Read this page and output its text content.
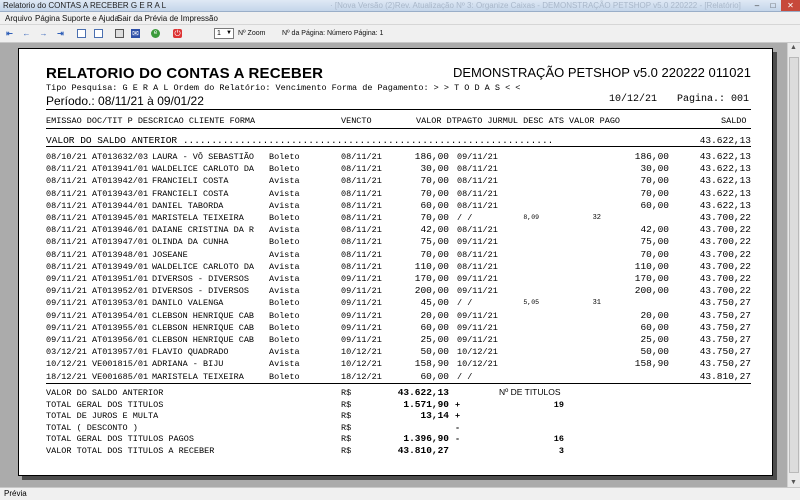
Relatorio do CONTAS A RECEBER G E R A L	· [Nova Versão (2)Rev. Atualização Nº 3: Organize Caixas - DEMONSTRAÇÃO PETSHOP v5.0 220222 - [Relatório]	–	□	✕
Arquivo Página Suporte e Ajuda
Sair da Prévia de Impressão
⇤ ← → ⇥	✉	e	⏻	1 ▼ Nº Zoom Nº da Página: Número Página: 1
RELATORIO DO CONTAS A RECEBER	DEMONSTRAÇÃO PETSHOP v5.0 220222 011021
Tipo Pesquisa: G E R A L Ordem do Relatório: Vencimento Forma de Pagamento: > > T O D A S < <
Período.: 08/11/21 à 09/01/22	10/12/21 Pagina.: 001
EMISSAO DOC/TIT P DESCRICAO CLIENTE FORMA	VENCTO	VALOR DTPAGTO JURMUL DESC ATS VALOR PAGO	SALDO
VALOR DO SALDO ANTERIOR .................................................................	43.622,13
08/10/21 AT013632/03 LAURA - VÔ SEBASTIÃO	Boleto	08/11/21	186,00 09/11/21	186,00	43.622,13
08/11/21 AT013941/01 WALDELICE CARLOTO DA	Boleto	08/11/21	30,00 08/11/21	30,00	43.622,13
08/11/21 AT013942/01 FRANCIELI COSTA	Avista	08/11/21	70,00 08/11/21	70,00	43.622,13
08/11/21 AT013943/01 FRANCIELI COSTA	Avista	08/11/21	70,00 08/11/21	70,00	43.622,13
08/11/21 AT013944/01 DANIEL TABORDA	Avista	08/11/21	60,00 08/11/21	60,00	43.622,13
08/11/21 AT013945/01 MARISTELA TEIXEIRA	Boleto	08/11/21	70,00 / /	8,09	32	43.700,22
08/11/21 AT013946/01 DAIANE CRISTINA DA R	Avista	08/11/21	42,00 08/11/21	42,00	43.700,22
08/11/21 AT013947/01 OLINDA DA CUNHA	Boleto	08/11/21	75,00 09/11/21	75,00	43.700,22
08/11/21 AT013948/01 JOSEANE	Avista	08/11/21	70,00 08/11/21	70,00	43.700,22
08/11/21 AT013949/01 WALDELICE CARLOTO DA	Avista	08/11/21	110,00 08/11/21	110,00	43.700,22
09/11/21 AT013951/01 DIVERSOS - DIVERSOS	Avista	09/11/21	170,00 09/11/21	170,00	43.700,22
09/11/21 AT013952/01 DIVERSOS - DIVERSOS	Avista	09/11/21	200,00 09/11/21	200,00	43.700,22
09/11/21 AT013953/01 DANILO VALENGA	Boleto	09/11/21	45,00 / /	5,05	31	43.750,27
09/11/21 AT013954/01 CLEBSON HENRIQUE CAB	Boleto	09/11/21	20,00 09/11/21	20,00	43.750,27
09/11/21 AT013955/01 CLEBSON HENRIQUE CAB	Boleto	09/11/21	60,00 09/11/21	60,00	43.750,27
09/11/21 AT013956/01 CLEBSON HENRIQUE CAB	Boleto	09/11/21	25,00 09/11/21	25,00	43.750,27
03/12/21 AT013957/01 FLAVIO QUADRADO	Avista	10/12/21	50,00 10/12/21	50,00	43.750,27
10/12/21 VE001815/01 ADRIANA - BIJU	Avista	10/12/21	158,90 10/12/21	158,90	43.750,27
18/12/21 VE001685/01 MARISTELA TEIXEIRA	Boleto	18/12/21	60,00 / /	43.810,27
Nº DE TITULOS
VALOR DO SALDO ANTERIOR	R$	43.622,13
TOTAL GERAL DOS TITULOS	R$	1.571,90 +	19
TOTAL DE JUROS E MULTA	R$	13,14 +
TOTAL ( DESCONTO )	R$	-
TOTAL GERAL DOS TITULOS PAGOS	R$	1.396,90 -	16
VALOR TOTAL DOS TITULOS A RECEBER	R$	43.810,27	3
▲
▼
Prévia
